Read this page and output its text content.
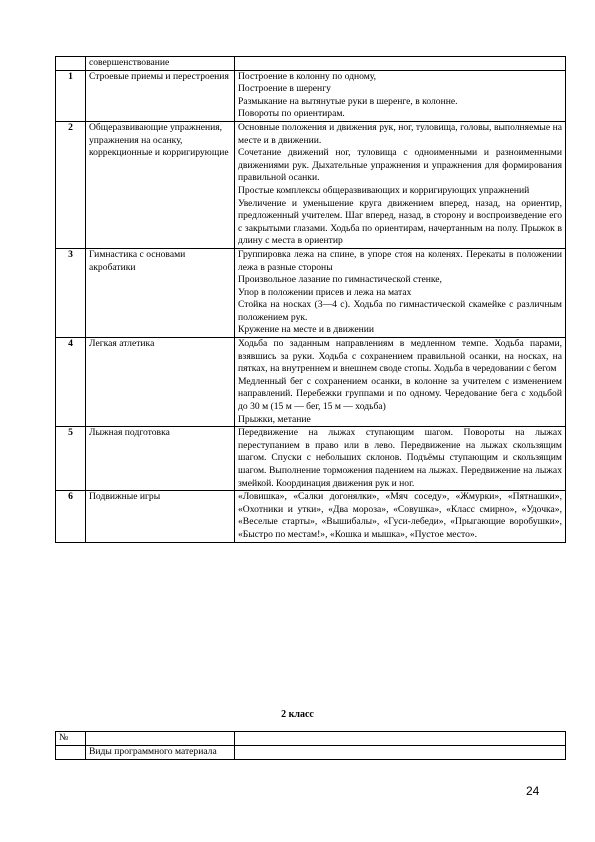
	совершенствование	
1	Строевые приемы и перестроения	Построение в колонну по одному,
Построение в шеренгу
Размыкание на вытянутые руки в шеренге, в колонне.
Повороты по ориентирам.

2	Общеразвивающие упражнения, упражнения на осанку, коррекционные и корригирующие	Основные положения и движения рук, ног, туловища, головы, выполняемые на месте и в движении.
Сочетание движений ног, туловища с одноименными и разноименными движениями рук. Дыхательные упражнения и упражнения для формирования правильной осанки.
Простые комплексы общеразвивающих и корригирующих упражнений
Увеличение и уменьшение круга движением вперед, назад, на ориентир, предложенный учителем. Шаг вперед, назад, в сторону и воспроизведение его с закрытыми глазами. Ходьба по ориентирам, начертанным на полу. Прыжок в длину с места в ориентир

3	Гимнастика с основами акробатики	Группировка лежа на спине, в упоре стоя на коленях. Перекаты в положении лежа в разные стороны
Произвольное лазание по гимнастической стенке,
Упор в положении присев и лежа на матах
Стойка на носках (3—4 с). Ходьба по гимнастической скамейке с различным положением рук.
Кружение на месте и в движении

4	Легкая атлетика	Ходьба по заданным направлениям в медленном темпе. Ходьба парами, взявшись за руки. Ходьба с сохранением правильной осанки, на носках, на пятках, на внутреннем и внешнем своде стопы. Ходьба в чередовании с бегом
Медленный бег с сохранением осанки, в колонне за учителем с изменением направлений. Перебежки группами и по одному. Чередование бега с ходьбой до 30 м (15 м — бег, 15 м — ходьба)
Прыжки, метание

5	Лыжная подготовка	Передвижение на лыжах ступающим шагом. Повороты на лыжах переступанием в право или в лево. Передвижение на лыжах скользящим шагом. Спуски с небольших склонов. Подъёмы ступающим и скользящим шагом. Выполнение торможения падением на лыжах. Передвижение на лыжах змейкой. Координация движения рук и ног.

6	Подвижные игры	«Ловишка», «Салки догонялки», «Мяч соседу», «Жмурки», «Пятнашки», «Охотники и утки», «Два мороза», «Совушка», «Класс смирно», «Удочка», «Веселые старты», «Вышибалы», «Гуси-лебеди», «Прыгающие воробушки», «Быстро по местам!», «Кошка и мышка», «Пустое место».
2 класс
№		
	Виды программного материала	
24
